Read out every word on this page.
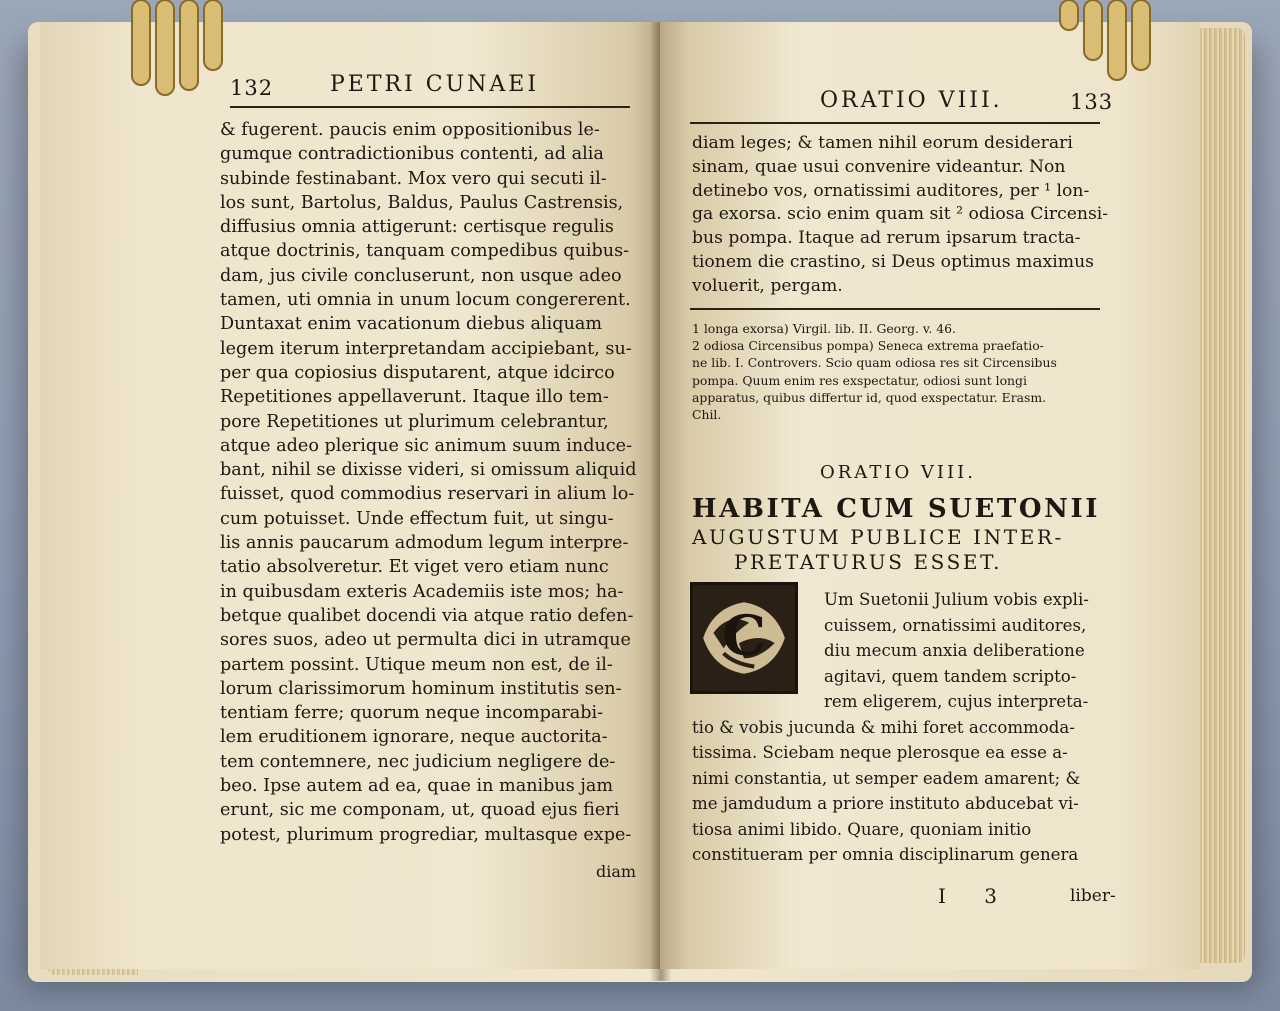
132	PETRI CUNAEI
& fugerent. paucis enim oppositionibus le-
gumque contradictionibus contenti, ad alia
subinde festinabant. Mox vero qui secuti il-
los sunt, Bartolus, Baldus, Paulus Castrensis,
diffusius omnia attigerunt: certisque regulis
atque doctrinis, tanquam compedibus quibus-
dam, jus civile concluserunt, non usque adeo
tamen, uti omnia in unum locum congererent.
Duntaxat enim vacationum diebus aliquam
legem iterum interpretandam accipiebant, su-
per qua copiosius disputarent, atque idcirco
Repetitiones appellaverunt. Itaque illo tem-
pore Repetitiones ut plurimum celebrantur,
atque adeo plerique sic animum suum induce-
bant, nihil se dixisse videri, si omissum aliquid
fuisset, quod commodius reservari in alium lo-
cum potuisset. Unde effectum fuit, ut singu-
lis annis paucarum admodum legum interpre-
tatio absolveretur. Et viget vero etiam nunc
in quibusdam exteris Academiis iste mos; ha-
betque qualibet docendi via atque ratio defen-
sores suos, adeo ut permulta dici in utramque
partem possint. Utique meum non est, de il-
lorum clarissimorum hominum institutis sen-
tentiam ferre; quorum neque incomparabi-
lem eruditionem ignorare, neque auctorita-
tem contemnere, nec judicium negligere de-
beo. Ipse autem ad ea, quae in manibus jam
erunt, sic me componam, ut, quoad ejus fieri
potest, plurimum progrediar, multasque expe-
diam
ORATIO VIII.	133
diam leges; & tamen nihil eorum desiderari
sinam, quae usui convenire videantur. Non
detinebo vos, ornatissimi auditores, per ¹ lon-
ga exorsa. scio enim quam sit ² odiosa Circensi-
bus pompa. Itaque ad rerum ipsarum tracta-
tionem die crastino, si Deus optimus maximus
voluerit, pergam.
1 longa exorsa) Virgil. lib. II. Georg. v. 46.
2 odiosa Circensibus pompa) Seneca extrema praefatio-
ne lib. I. Controvers. Scio quam odiosa res sit Circensibus
pompa. Quum enim res exspectatur, odiosi sunt longi
apparatus, quibus differtur id, quod exspectatur. Erasm.
Chil.
ORATIO VIII.
HABITA CUM SUETONII
AUGUSTUM PUBLICE INTER-
PRETATURUS ESSET.
C
Um Suetonii Julium vobis expli-
cuissem, ornatissimi auditores,
diu mecum anxia deliberatione
agitavi, quem tandem scripto-
rem eligerem, cujus interpreta-
tio & vobis jucunda & mihi foret accommoda-
tissima. Sciebam neque plerosque ea esse a-
nimi constantia, ut semper eadem amarent; &
me jamdudum a priore instituto abducebat vi-
tiosa animi libido. Quare, quoniam initio
constitueram per omnia disciplinarum genera
I 3	liber-
